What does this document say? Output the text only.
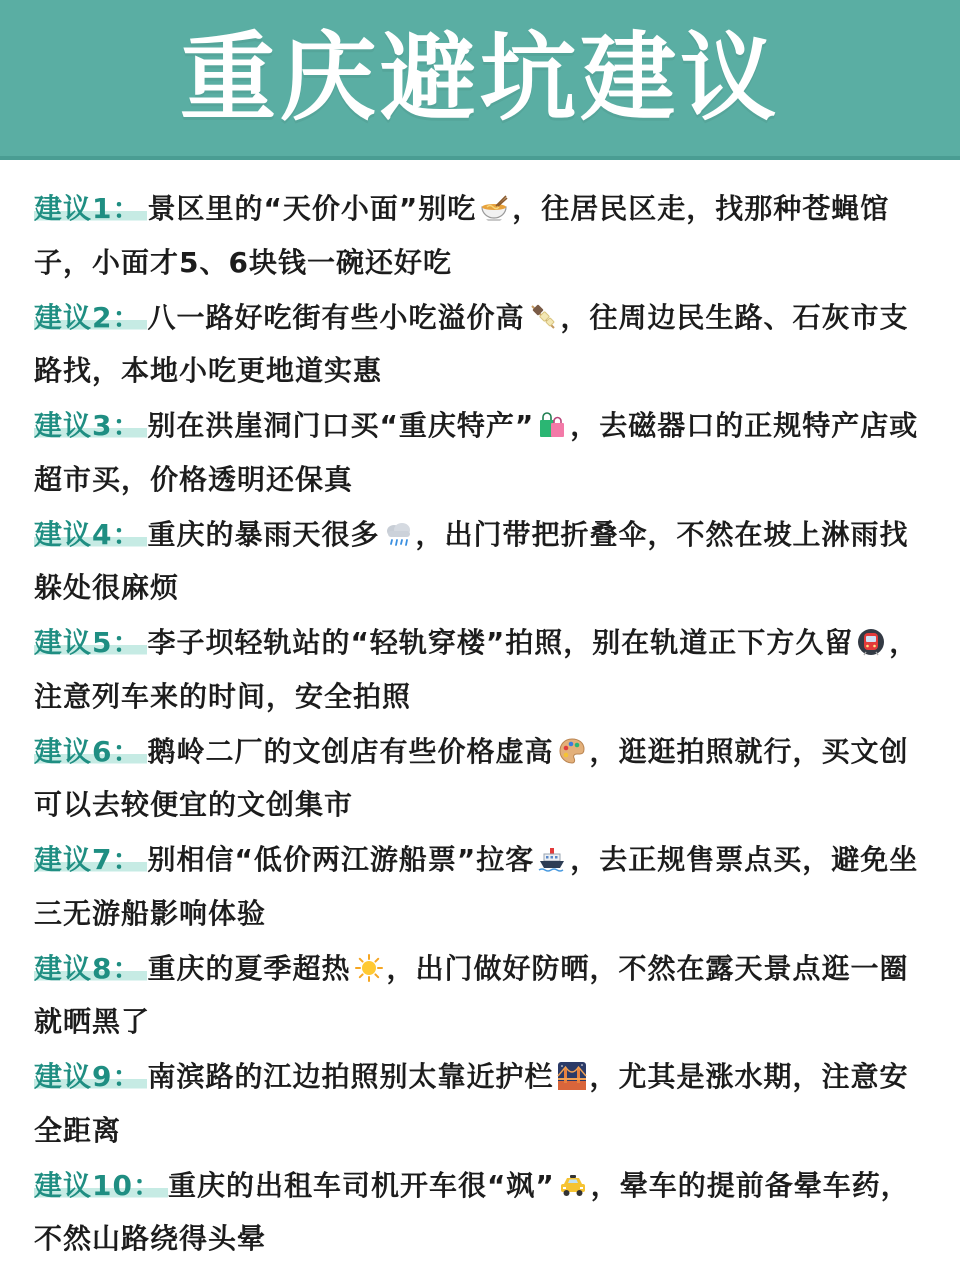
重庆避坑建议
建议1： 景区里的“天价小面”别吃 ，往居民区走，找那种苍蝇馆子，小面才5、6块钱一碗还好吃
建议2： 八一路好吃街有些小吃溢价高 ，往周边民生路、石灰市支路找，本地小吃更地道实惠
建议3： 别在洪崖洞门口买“重庆特产” ，去磁器口的正规特产店或超市买，价格透明还保真
建议4： 重庆的暴雨天很多 ，出门带把折叠伞，不然在坡上淋雨找躲处很麻烦
建议5： 李子坝轻轨站的“轻轨穿楼”拍照，别在轨道正下方久留 ，注意列车来的时间，安全拍照
建议6： 鹅岭二厂的文创店有些价格虚高 ，逛逛拍照就行，买文创可以去较便宜的文创集市
建议7： 别相信“低价两江游船票”拉客 ，去正规售票点买，避免坐三无游船影响体验
建议8： 重庆的夏季超热 ，出门做好防晒，不然在露天景点逛一圈就晒黑了
建议9： 南滨路的江边拍照别太靠近护栏 ，尤其是涨水期，注意安全距离
建议10： 重庆的出租车司机开车很“飒” ，晕车的提前备晕车药，不然山路绕得头晕
